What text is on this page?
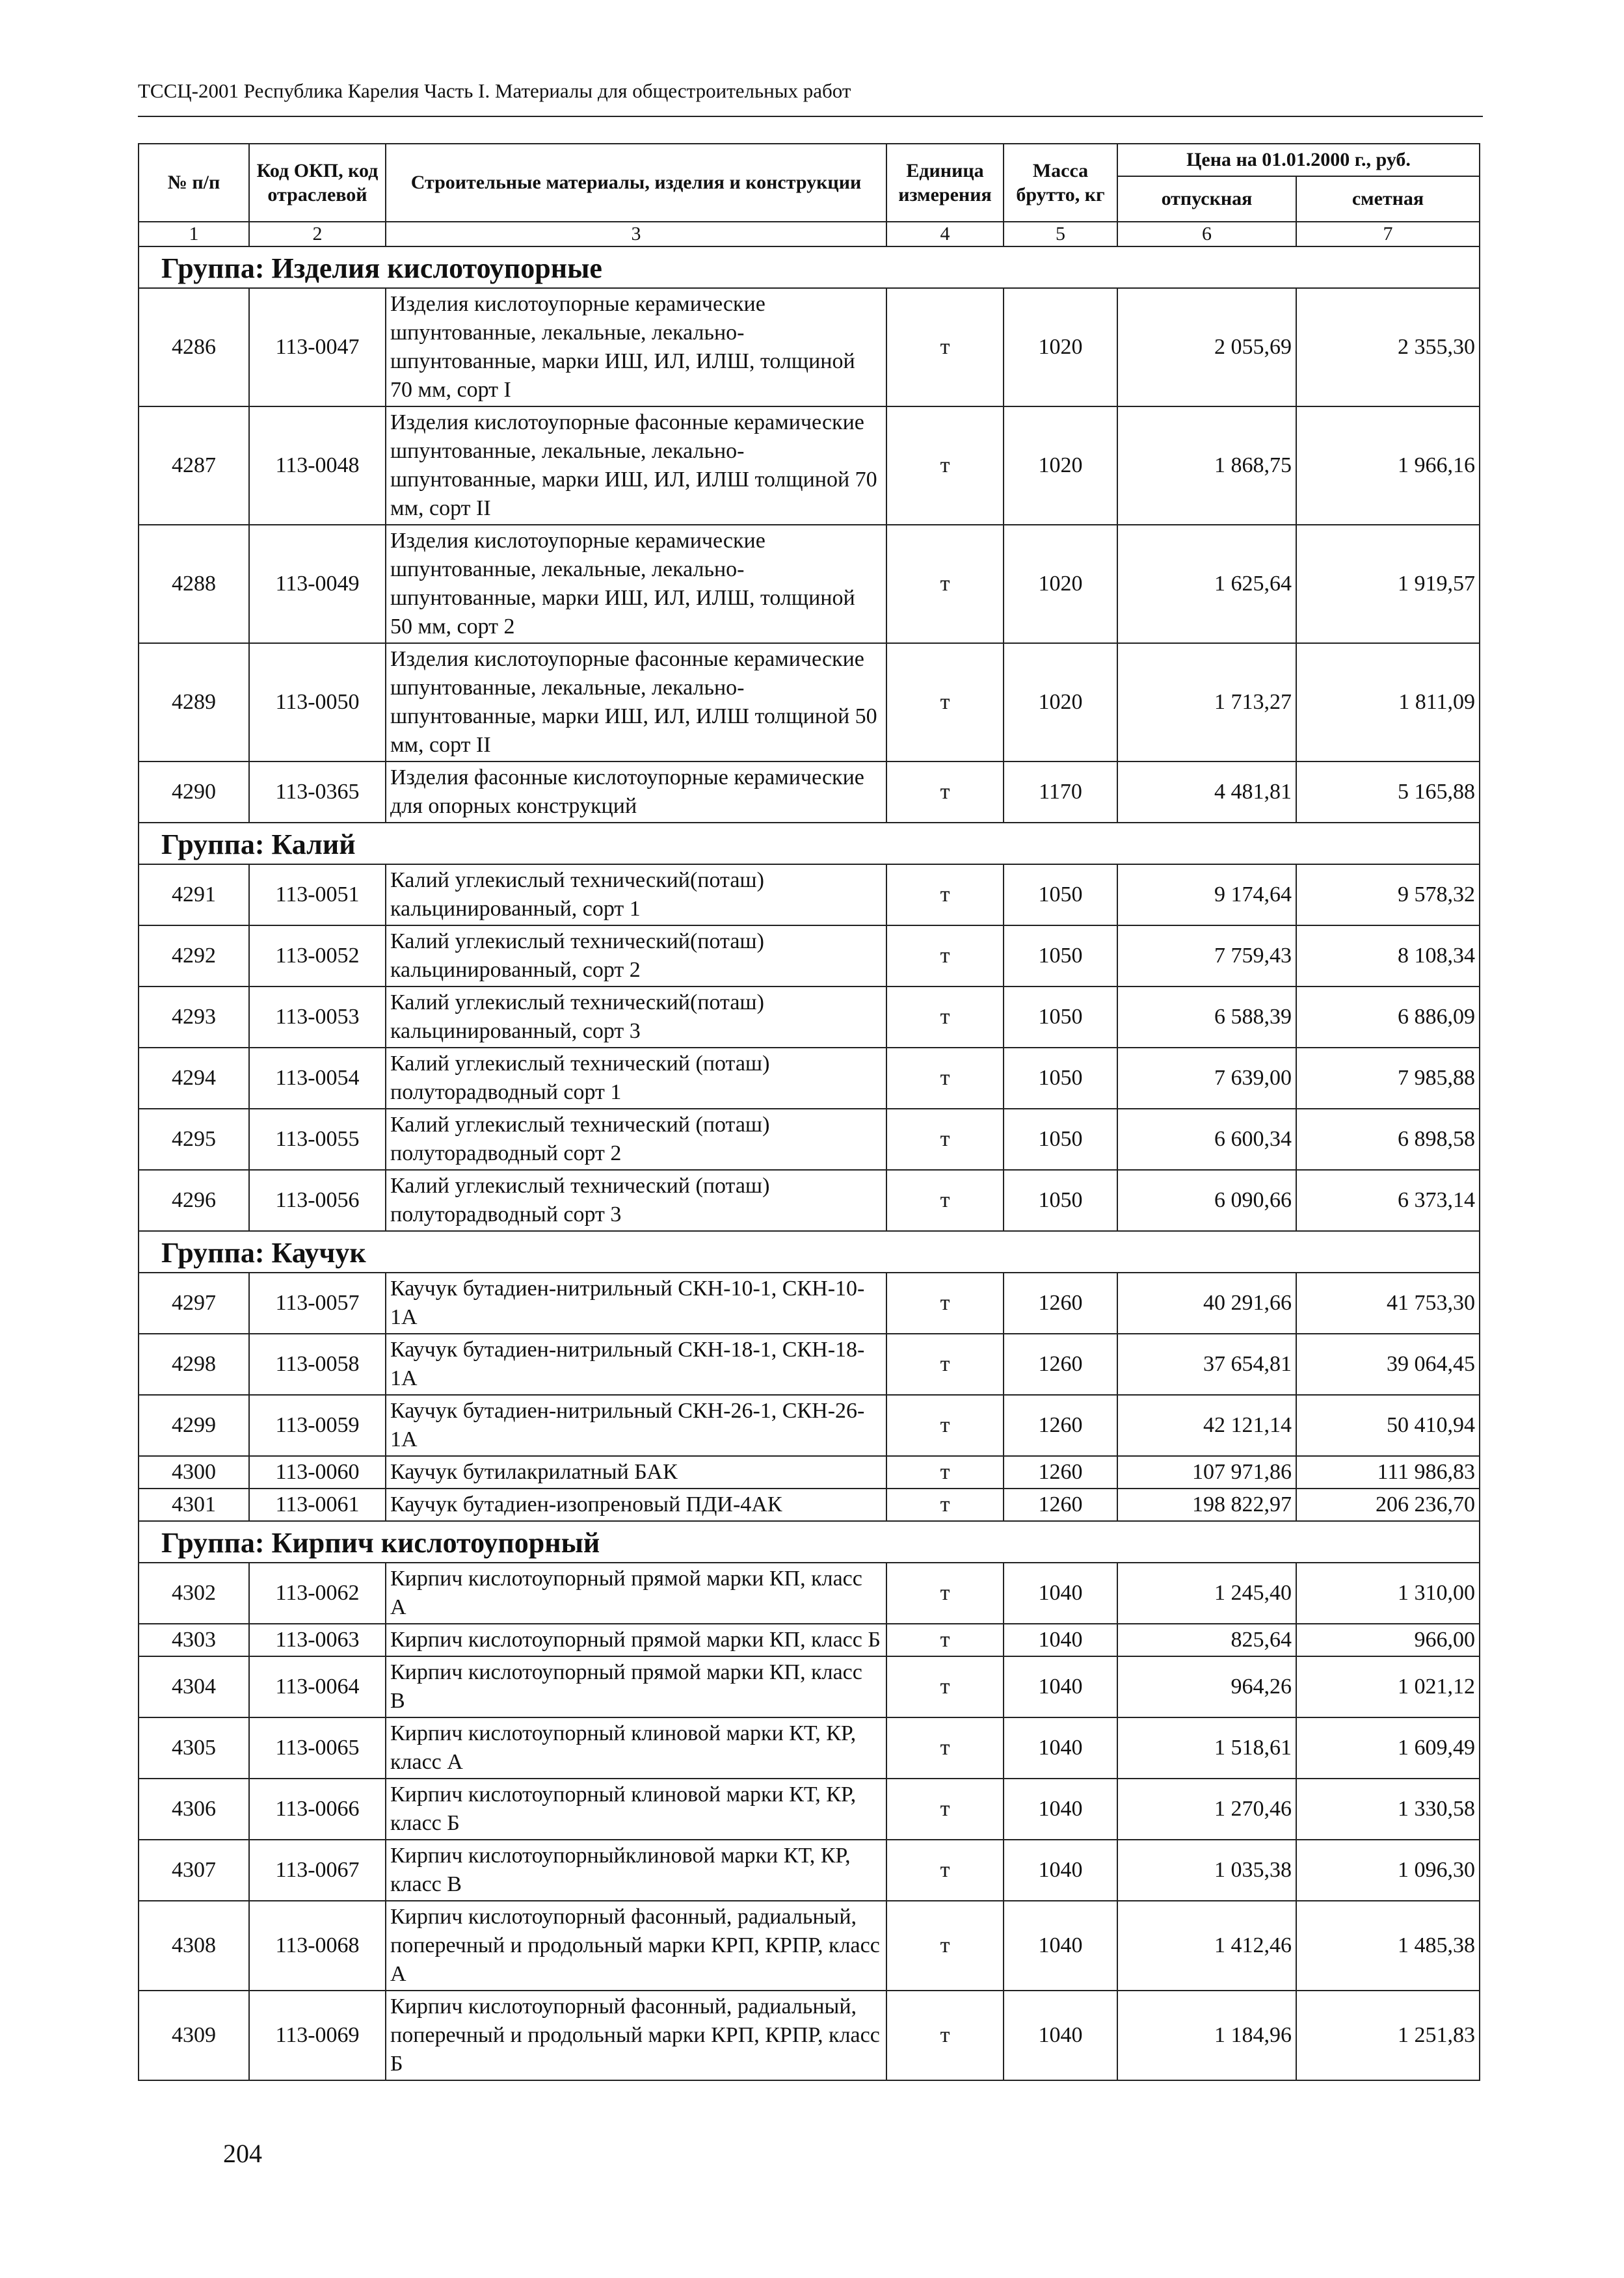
ТССЦ-2001 Республика Карелия Часть I. Материалы для общестроительных работ
№ п/п	Код ОКП, код отраслевой	Строительные материалы, изделия и конструкции	Единица измерения	Масса брутто, кг	Цена на 01.01.2000 г., руб.	
					отпускная	сметная
1	2	3	4	5	6	7
Группа: Изделия кислотоупорные						
4286	113-0047	Изделия кислотоупорные керамические шпунтованные, лекальные, лекально-шпунтованные, марки ИШ, ИЛ, ИЛШ, толщиной 70 мм, сорт I	т	1020	2 055,69	2 355,30
4287	113-0048	Изделия кислотоупорные фасонные керамические шпунтованные, лекальные, лекально-шпунтованные, марки ИШ, ИЛ, ИЛШ толщиной 70 мм, сорт II	т	1020	1 868,75	1 966,16
4288	113-0049	Изделия кислотоупорные керамические шпунтованные, лекальные, лекально-шпунтованные, марки ИШ, ИЛ, ИЛШ, толщиной 50 мм, сорт 2	т	1020	1 625,64	1 919,57
4289	113-0050	Изделия кислотоупорные фасонные керамические шпунтованные, лекальные, лекально-шпунтованные, марки ИШ, ИЛ, ИЛШ толщиной 50 мм, сорт II	т	1020	1 713,27	1 811,09
4290	113-0365	Изделия фасонные кислотоупорные керамические для опорных конструкций	т	1170	4 481,81	5 165,88
Группа: Калий						
4291	113-0051	Калий углекислый технический(поташ) кальцинированный, сорт 1	т	1050	9 174,64	9 578,32
4292	113-0052	Калий углекислый технический(поташ) кальцинированный, сорт 2	т	1050	7 759,43	8 108,34
4293	113-0053	Калий углекислый технический(поташ) кальцинированный, сорт 3	т	1050	6 588,39	6 886,09
4294	113-0054	Калий углекислый технический (поташ) полуторадводный сорт 1	т	1050	7 639,00	7 985,88
4295	113-0055	Калий углекислый технический (поташ) полуторадводный сорт 2	т	1050	6 600,34	6 898,58
4296	113-0056	Калий углекислый технический (поташ) полуторадводный сорт 3	т	1050	6 090,66	6 373,14
Группа: Каучук						
4297	113-0057	Каучук бутадиен-нитрильный СКН-10-1, СКН-10-1А	т	1260	40 291,66	41 753,30
4298	113-0058	Каучук бутадиен-нитрильный СКН-18-1, СКН-18-1А	т	1260	37 654,81	39 064,45
4299	113-0059	Каучук бутадиен-нитрильный СКН-26-1, СКН-26-1А	т	1260	42 121,14	50 410,94
4300	113-0060	Каучук бутилакрилатный БАК	т	1260	107 971,86	111 986,83
4301	113-0061	Каучук бутадиен-изопреновый ПДИ-4АК	т	1260	198 822,97	206 236,70
Группа: Кирпич кислотоупорный						
4302	113-0062	Кирпич кислотоупорный прямой марки КП, класс А	т	1040	1 245,40	1 310,00
4303	113-0063	Кирпич кислотоупорный прямой марки КП, класс Б	т	1040	825,64	966,00
4304	113-0064	Кирпич кислотоупорный прямой марки КП, класс В	т	1040	964,26	1 021,12
4305	113-0065	Кирпич кислотоупорный клиновой марки КТ, КР, класс А	т	1040	1 518,61	1 609,49
4306	113-0066	Кирпич кислотоупорный клиновой марки КТ, КР, класс Б	т	1040	1 270,46	1 330,58
4307	113-0067	Кирпич кислотоупорныйклиновой марки КТ, КР, класс В	т	1040	1 035,38	1 096,30
4308	113-0068	Кирпич кислотоупорный фасонный, радиальный, поперечный и продольный марки КРП, КРПР, класс А	т	1040	1 412,46	1 485,38
4309	113-0069	Кирпич кислотоупорный фасонный, радиальный, поперечный и продольный марки КРП, КРПР, класс Б	т	1040	1 184,96	1 251,83
204
